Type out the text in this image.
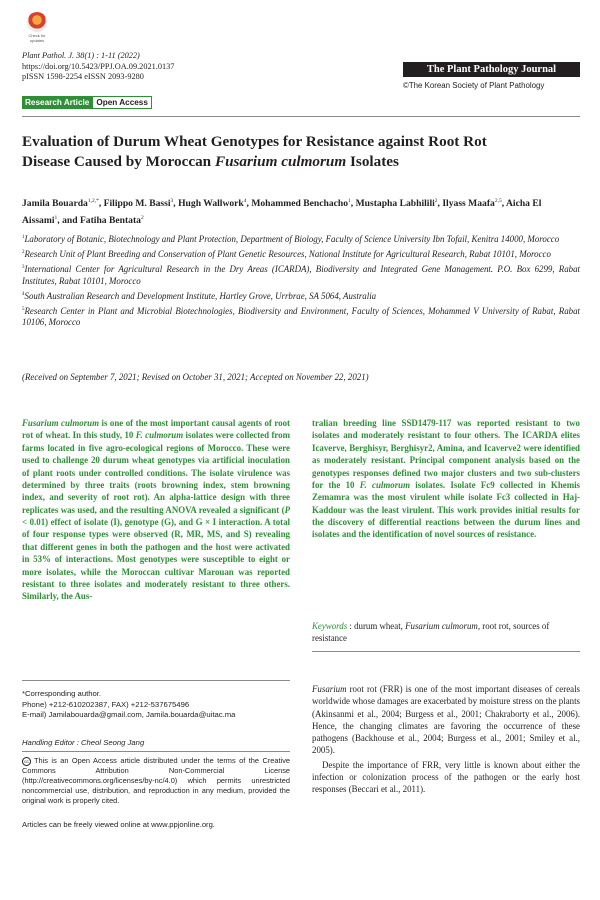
Check for updates
Plant Pathol. J. 38(1) : 1-11 (2022)
https://doi.org/10.5423/PPJ.OA.09.2021.0137
pISSN 1598-2254 eISSN 2093-9280
Research Article Open Access
The Plant Pathology Journal
©The Korean Society of Plant Pathology
Evaluation of Durum Wheat Genotypes for Resistance against Root Rot
Disease Caused by Moroccan Fusarium culmorum Isolates
Jamila Bouarda$^{1,2,*}$, Filippo M. Bassi$^3$, Hugh Wallwork$^4$, Mohammed Benchacho$^1$, Mustapha Labhilili$^2$, Ilyass Maafa$^{2,5}$, Aicha El Aissami$^1$, and Fatiha Bentata$^2$

$^1$Laboratory of Botanic, Biotechnology and Plant Protection, Department of Biology, Faculty of Science University Ibn Tofail, Kenitra 14000, Morocco

$^2$Research Unit of Plant Breeding and Conservation of Plant Genetic Resources, National Institute for Agricultural Research, Rabat 10101, Morocco

$^3$International Center for Agricultural Research in the Dry Areas (ICARDA), Biodiversity and Integrated Gene Management. P.O. Box 6299, Rabat Institutes, Rabat 10101, Morocco

$^4$South Australian Research and Development Institute, Hartley Grove, Urrbrae, SA 5064, Australia

$^5$Research Center in Plant and Microbial Biotechnologies, Biodiversity and Environment, Faculty of Sciences, Mohammed V University of Rabat, Rabat 10106, Morocco

(Received on September 7, 2021; Revised on October 31, 2021; Accepted on November 22, 2021)
Fusarium culmorum is one of the most important causal agents of root rot of wheat. In this study, 10 F. culmorum isolates were collected from farms located in five agro-ecological regions of Morocco. These were used to challenge 20 durum wheat genotypes via artificial inoculation of plant roots under controlled conditions. The isolate virulence was determined by three traits (roots browning index, stem browning index, and severity of root rot). An alpha-lattice design with three replicates was used, and the resulting ANOVA revealed a significant (P < 0.01) effect of isolate (I), genotype (G), and G × I interaction. A total of four response types were observed (R, MR, MS, and S) revealing that different genes in both the pathogen and the host were activated in 53% of interactions. Most genotypes were susceptible to eight or more isolates, while the Moroccan cultivar Marouan was reported resistant to three isolates and moderately resistant to three others. Similarly, the Aus-
tralian breeding line SSD1479-117 was reported resistant to two isolates and moderately resistant to four others. The ICARDA elites Icaverve, Berghisyr, Berghisyr2, Amina, and Icaverve2 were identified as moderately resistant. Principal component analysis based on the genotypes responses defined two major clusters and two sub-clusters for the 10 F. culmorum isolates. Isolate Fc9 collected in Khemis Zemamra was the most virulent while isolate Fc3 collected in Haj-Kaddour was the least virulent. This work provides initial results for the discovery of differential reactions between the durum lines and isolates and the identification of novel sources of resistance.
Keywords : durum wheat, Fusarium culmorum, root rot, sources of resistance

Fusarium root rot (FRR) is one of the most important diseases of cereals worldwide whose damages are exacerbated by moisture stress on the plants (Akinsanmi et al., 2004; Burgess et al., 2001; Chakraborty et al., 2006). Hence, the changing climates are favoring the occurrence of these pathogens (Backhouse et al., 2004; Burgess et al., 2001; Smiley et al., 2005).

Despite the importance of FRR, very little is known about either the infection or colonization process of the pathogen or the early host responses (Beccari et al., 2011).

*Corresponding author.
Phone) +212-610202387, FAX) +212-537675496
E-mail) Jamilabouarda@gmail.com, Jamila.bouarda@uitac.ma
Handling Editor : Cheol Seong Jang
cc This is an Open Access article distributed under the terms of the Creative Commons Attribution Non-Commercial License (http://creativecommons.org/licenses/by-nc/4.0) which permits unrestricted noncommercial use, distribution, and reproduction in any medium, provided the original work is properly cited.
Articles can be freely viewed online at www.ppjonline.org.
